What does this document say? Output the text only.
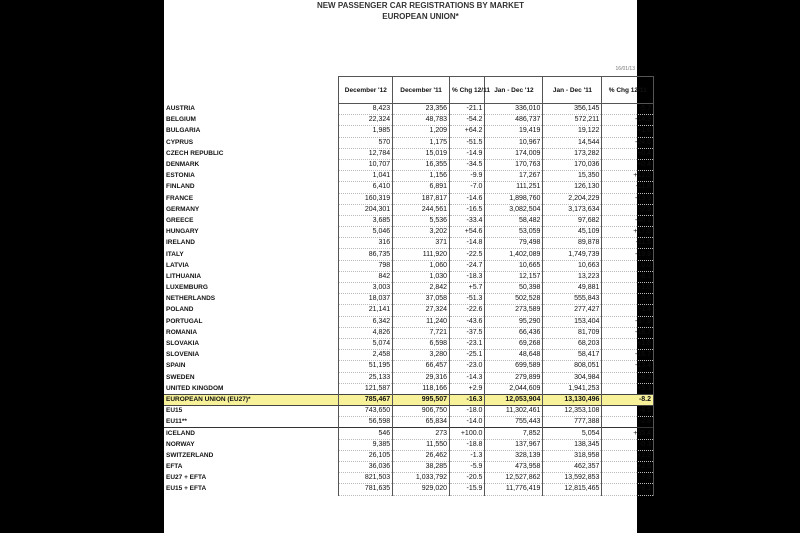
NEW PASSENGER CAR REGISTRATIONS BY MARKET
EUROPEAN UNION*
16/01/13
	December '12	December '11	% Chg 12/11	Jan - Dec '12	Jan - Dec '11	% Chg 12/11
AUSTRIA	8,423	23,356	-21.1	336,010	356,145	-5.7
BELGIUM	22,324	48,783	-54.2	486,737	572,211	-14.9
BULGARIA	1,985	1,209	+64.2	19,419	19,122	+1.6
CYPRUS	570	1,175	-51.5	10,967	14,544	-24.6
CZECH REPUBLIC	12,784	15,019	-14.9	174,009	173,282	+0.4
DENMARK	10,707	16,355	-34.5	170,763	170,036	+0.4
ESTONIA	1,041	1,156	-9.9	17,267	15,350	+12.5
FINLAND	6,410	6,891	-7.0	111,251	126,130	-11.8
FRANCE	160,319	187,817	-14.6	1,898,760	2,204,229	-13.9
GERMANY	204,301	244,561	-16.5	3,082,504	3,173,634	-2.9
GREECE	3,685	5,536	-33.4	58,482	97,682	-40.1
HUNGARY	5,046	3,202	+54.6	53,059	45,109	+17.6
IRELAND	316	371	-14.8	79,498	89,878	-11.5
ITALY	86,735	111,920	-22.5	1,402,089	1,749,739	-19.9
LATVIA	798	1,060	-24.7	10,665	10,663	0.0
LITHUANIA	842	1,030	-18.3	12,157	13,223	-8.1
LUXEMBURG	3,003	2,842	+5.7	50,398	49,881	+1.0
NETHERLANDS	18,037	37,058	-51.3	502,528	555,843	-9.6
POLAND	21,141	27,324	-22.6	273,589	277,427	-1.4
PORTUGAL	6,342	11,240	-43.6	95,290	153,404	-37.9
ROMANIA	4,826	7,721	-37.5	66,436	81,709	-18.7
SLOVAKIA	5,074	6,598	-23.1	69,268	68,203	+1.6
SLOVENIA	2,458	3,280	-25.1	48,648	58,417	-16.7
SPAIN	51,195	66,457	-23.0	699,589	808,051	-13.4
SWEDEN	25,133	29,316	-14.3	279,899	304,984	-8.2
UNITED KINGDOM	121,587	118,166	+2.9	2,044,609	1,941,253	+5.3
EUROPEAN UNION (EU27)*	785,467	995,507	-16.3	12,053,904	13,130,496	-8.2
EU15	743,650	906,750	-18.0	11,302,461	12,353,108	-8.5
EU11**	56,598	65,834	-14.0	755,443	777,388	-2.8
ICELAND	546	273	+100.0	7,852	5,054	+55.4
NORWAY	9,385	11,550	-18.8	137,967	138,345	-0.3
SWITZERLAND	26,105	26,462	-1.3	328,139	318,958	+2.9
EFTA	36,036	38,285	-5.9	473,958	462,357	+2.5
EU27 + EFTA	821,503	1,033,792	-20.5	12,527,862	13,592,853	-7.8
EU15 + EFTA	781,635	929,020	-15.9	11,776,419	12,815,465	-8.1
